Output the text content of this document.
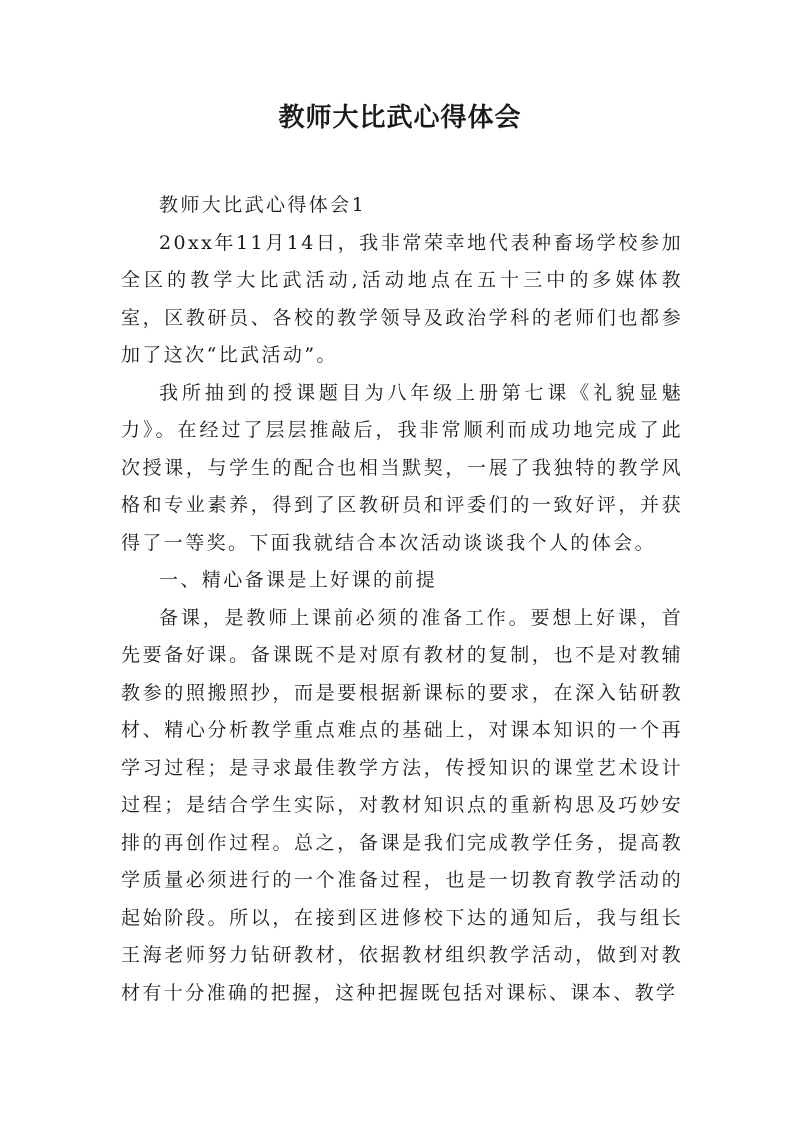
教师大比武心得体会

教师大比武心得体会1

20xx年11月14日，我非常荣幸地代表种畜场学校参加全区的教学大比武活动,活动地点在五十三中的多媒体教室，区教研员、各校的教学领导及政治学科的老师们也都参加了这次“比武活动”。

我所抽到的授课题目为八年级上册第七课《礼貌显魅力》。在经过了层层推敲后，我非常顺利而成功地完成了此次授课，与学生的配合也相当默契，一展了我独特的教学风格和专业素养，得到了区教研员和评委们的一致好评，并获得了一等奖。下面我就结合本次活动谈谈我个人的体会。

一、精心备课是上好课的前提

备课，是教师上课前必须的准备工作。要想上好课，首先要备好课。备课既不是对原有教材的复制，也不是对教辅教参的照搬照抄，而是要根据新课标的要求，在深入钻研教材、精心分析教学重点难点的基础上，对课本知识的一个再学习过程；是寻求最佳教学方法，传授知识的课堂艺术设计过程；是结合学生实际，对教材知识点的重新构思及巧妙安排的再创作过程。总之，备课是我们完成教学任务，提高教学质量必须进行的一个准备过程，也是一切教育教学活动的起始阶段。所以，在接到区进修校下达的通知后，我与组长王海老师努力钻研教材，依据教材组织教学活动，做到对教材有十分准确的把握，这种把握既包括对课标、课本、教学
